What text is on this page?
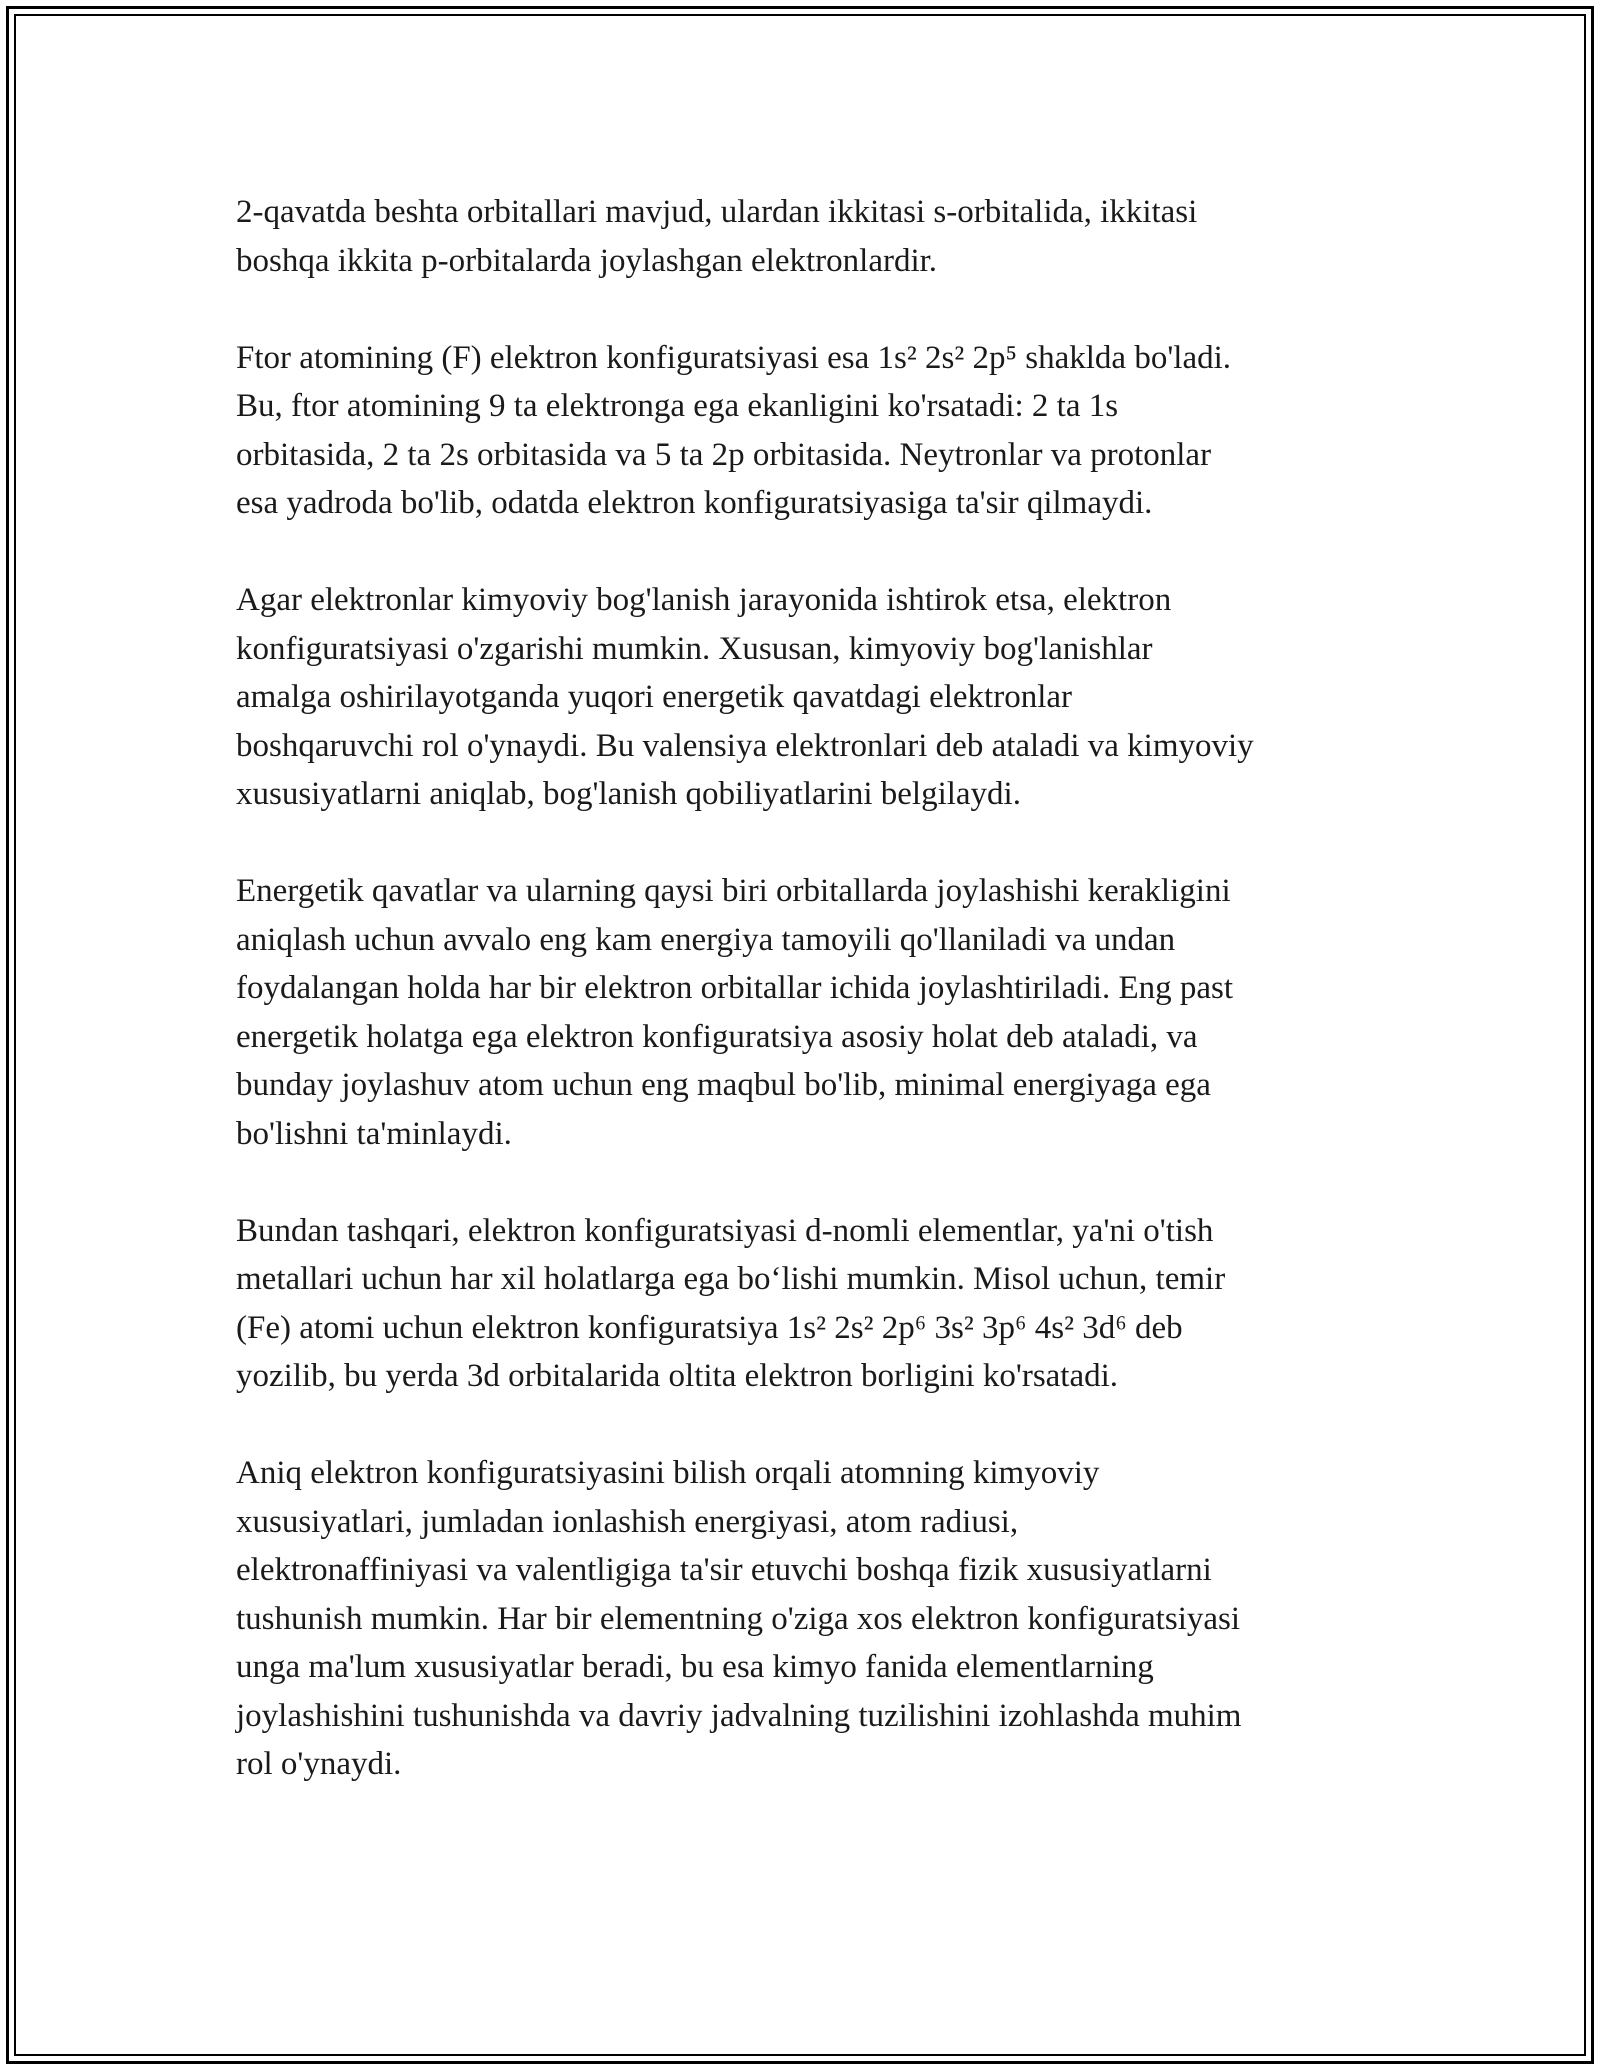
2-qavatda beshta orbitallari mavjud, ulardan ikkitasi s-orbitalida, ikkitasi
boshqa ikkita p-orbitalarda joylashgan elektronlardir.

Ftor atomining (F) elektron konfiguratsiyasi esa 1s² 2s² 2p⁵ shaklda bo'ladi.
Bu, ftor atomining 9 ta elektronga ega ekanligini ko'rsatadi: 2 ta 1s
orbitasida, 2 ta 2s orbitasida va 5 ta 2p orbitasida. Neytronlar va protonlar
esa yadroda bo'lib, odatda elektron konfiguratsiyasiga ta'sir qilmaydi.

Agar elektronlar kimyoviy bog'lanish jarayonida ishtirok etsa, elektron
konfiguratsiyasi o'zgarishi mumkin. Xususan, kimyoviy bog'lanishlar
amalga oshirilayotganda yuqori energetik qavatdagi elektronlar
boshqaruvchi rol o'ynaydi. Bu valensiya elektronlari deb ataladi va kimyoviy
xususiyatlarni aniqlab, bog'lanish qobiliyatlarini belgilaydi.

Energetik qavatlar va ularning qaysi biri orbitallarda joylashishi kerakligini
aniqlash uchun avvalo eng kam energiya tamoyili qo'llaniladi va undan
foydalangan holda har bir elektron orbitallar ichida joylashtiriladi. Eng past
energetik holatga ega elektron konfiguratsiya asosiy holat deb ataladi, va
bunday joylashuv atom uchun eng maqbul bo'lib, minimal energiyaga ega
bo'lishni ta'minlaydi.

Bundan tashqari, elektron konfiguratsiyasi d-nomli elementlar, ya'ni o'tish
metallari uchun har xil holatlarga ega boʻlishi mumkin. Misol uchun, temir
(Fe) atomi uchun elektron konfiguratsiya 1s² 2s² 2p⁶ 3s² 3p⁶ 4s² 3d⁶ deb
yozilib, bu yerda 3d orbitalarida oltita elektron borligini ko'rsatadi.

Aniq elektron konfiguratsiyasini bilish orqali atomning kimyoviy
xususiyatlari, jumladan ionlashish energiyasi, atom radiusi,
elektronaffiniyasi va valentligiga ta'sir etuvchi boshqa fizik xususiyatlarni
tushunish mumkin. Har bir elementning o'ziga xos elektron konfiguratsiyasi
unga ma'lum xususiyatlar beradi, bu esa kimyo fanida elementlarning
joylashishini tushunishda va davriy jadvalning tuzilishini izohlashda muhim
rol o'ynaydi.
